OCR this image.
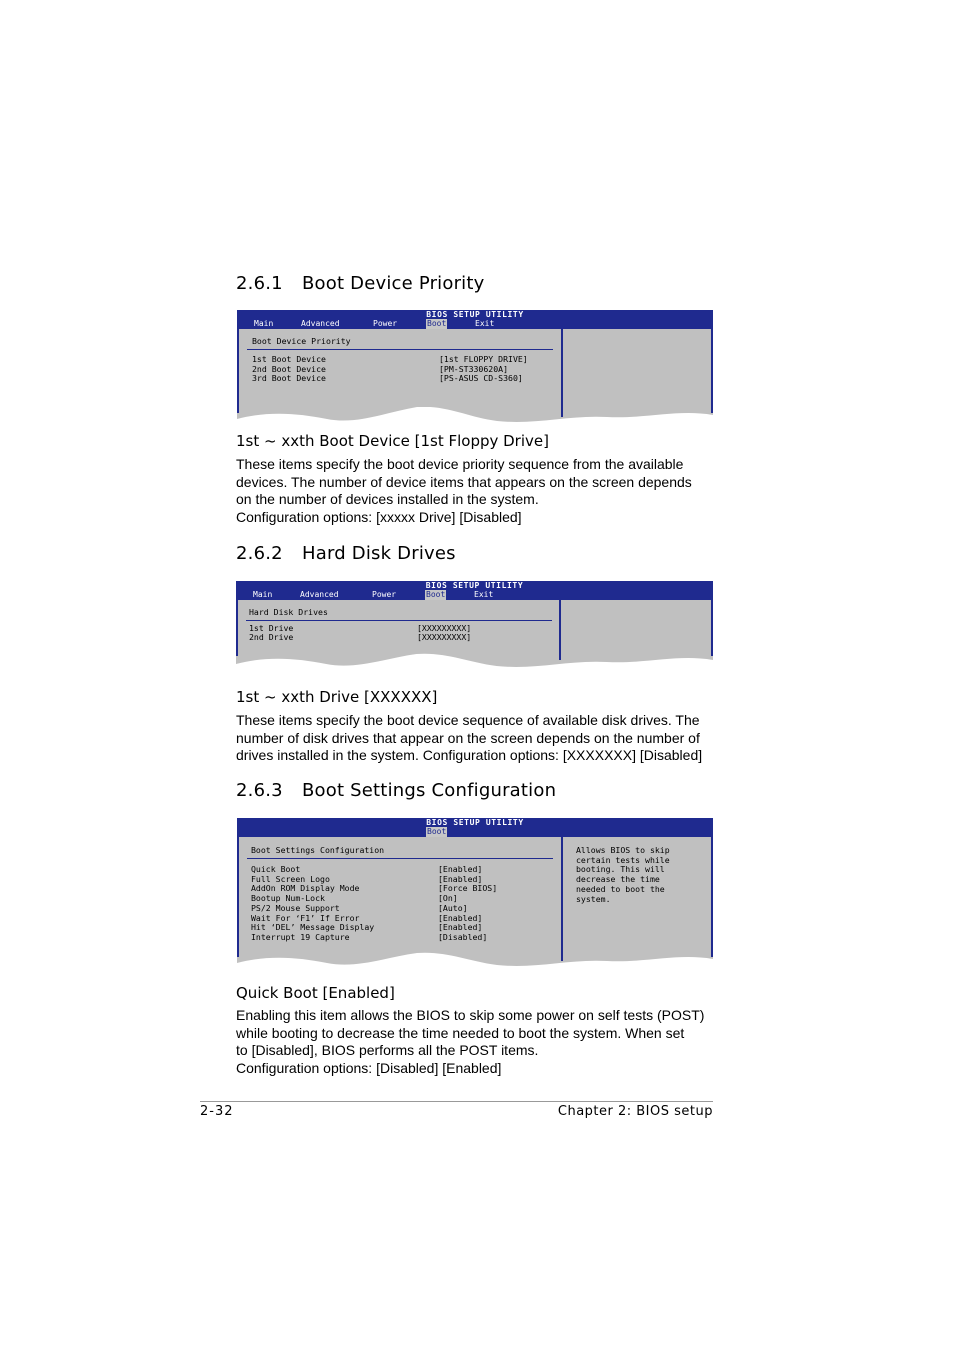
2.6.1 Boot Device Priority
BIOS SETUP UTILITY
Main	Advanced	Power	Boot	Exit
Boot Device Priority
1st Boot Device	[1st FLOPPY DRIVE]
2nd Boot Device	[PM-ST330620A]
3rd Boot Device	[PS-ASUS CD-S360]
1st ~ xxth Boot Device [1st Floppy Drive]
These items specify the boot device priority sequence from the available
devices. The number of device items that appears on the screen depends
on the number of devices installed in the system.
Configuration options: [xxxxx Drive] [Disabled]
2.6.2 Hard Disk Drives
BIOS SETUP UTILITY
Main	Advanced	Power	Boot	Exit
Hard Disk Drives
1st Drive	[XXXXXXXXX]
2nd Drive	[XXXXXXXXX]
1st ~ xxth Drive [XXXXXX]
These items specify the boot device sequence of available disk drives. The
number of disk drives that appear on the screen depends on the number of
drives installed in the system. Configuration options: [XXXXXXX] [Disabled]
2.6.3 Boot Settings Configuration
BIOS SETUP UTILITY
Boot
Boot Settings Configuration
Quick Boot	[Enabled]
Full Screen Logo	[Enabled]
AddOn ROM Display Mode	[Force BIOS]
Bootup Num-Lock	[On]
PS/2 Mouse Support	[Auto]
Wait For ‘F1’ If Error	[Enabled]
Hit ‘DEL’ Message Display	[Enabled]
Interrupt 19 Capture	[Disabled]
Allows BIOS to skip
certain tests while
booting. This will
decrease the time
needed to boot the
system.
Quick Boot [Enabled]
Enabling this item allows the BIOS to skip some power on self tests (POST)
while booting to decrease the time needed to boot the system. When set
to [Disabled], BIOS performs all the POST items.
Configuration options: [Disabled] [Enabled]
2-32	Chapter 2: BIOS setup
